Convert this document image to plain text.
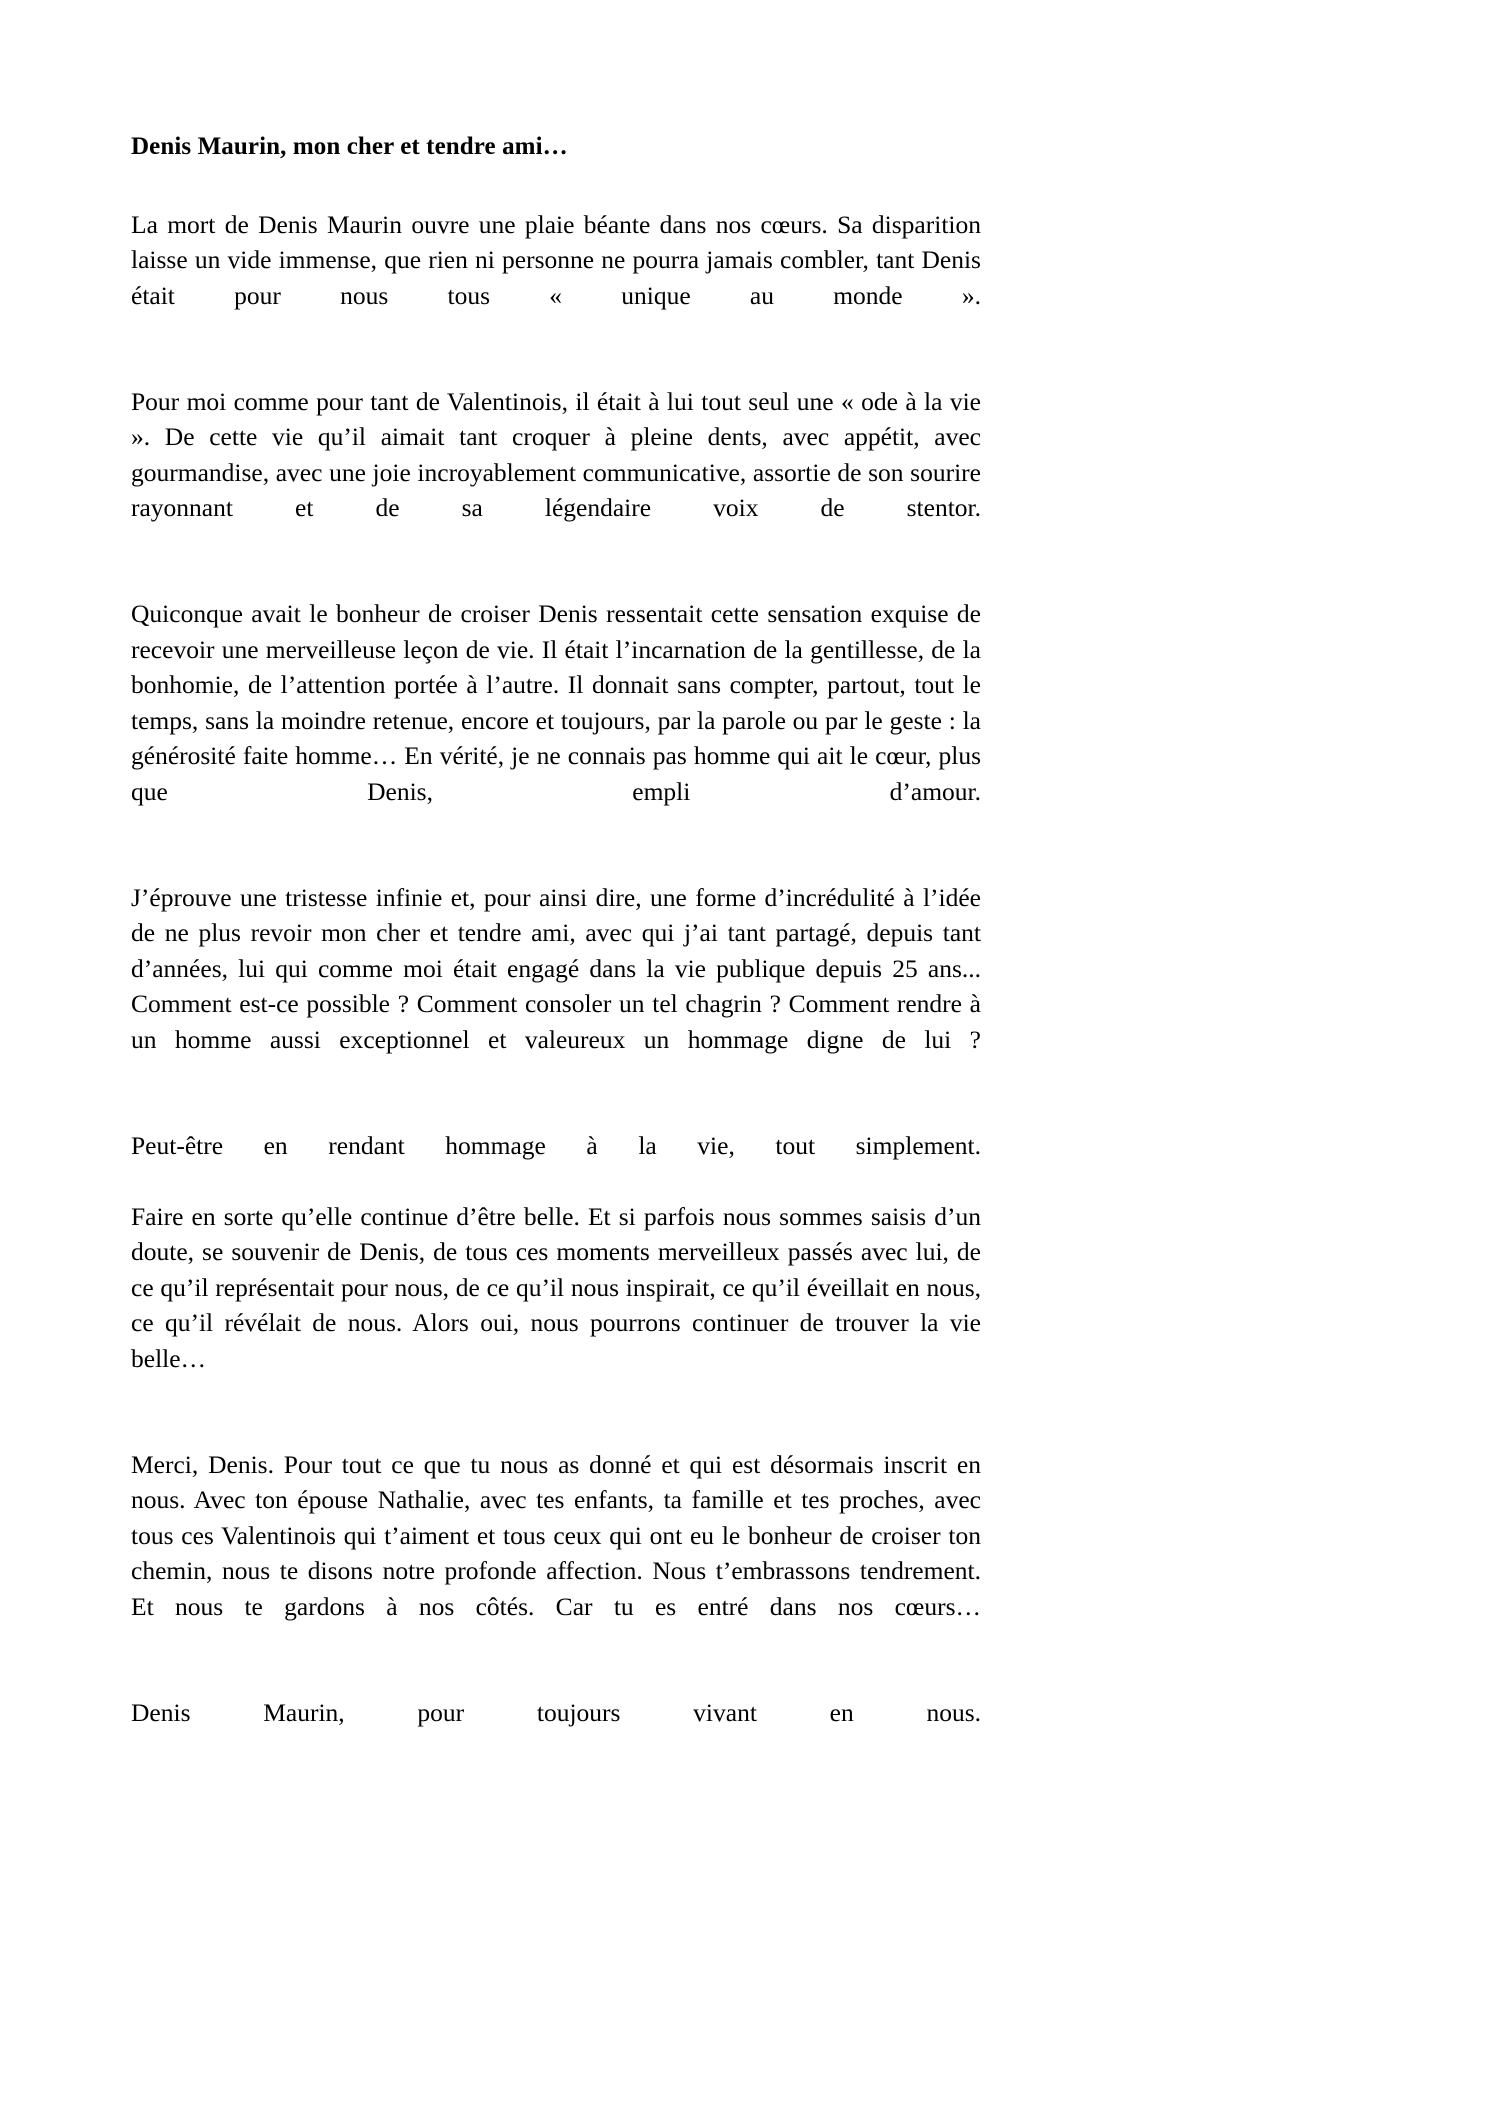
Denis Maurin, mon cher et tendre ami…

La mort de Denis Maurin ouvre une plaie béante dans nos cœurs. Sa disparition laisse un vide immense, que rien ni personne ne pourra jamais combler, tant Denis était pour nous tous « unique au monde ».

Pour moi comme pour tant de Valentinois, il était à lui tout seul une « ode à la vie ». De cette vie qu’il aimait tant croquer à pleine dents, avec appétit, avec gourmandise, avec une joie incroyablement communicative, assortie de son sourire rayonnant et de sa légendaire voix de stentor.

Quiconque avait le bonheur de croiser Denis ressentait cette sensation exquise de recevoir une merveilleuse leçon de vie. Il était l’incarnation de la gentillesse, de la bonhomie, de l’attention portée à l’autre. Il donnait sans compter, partout, tout le temps, sans la moindre retenue, encore et toujours, par la parole ou par le geste : la générosité faite homme… En vérité, je ne connais pas homme qui ait le cœur, plus que Denis, empli d’amour.

J’éprouve une tristesse infinie et, pour ainsi dire, une forme d’incrédulité à l’idée de ne plus revoir mon cher et tendre ami, avec qui j’ai tant partagé, depuis tant d’années, lui qui comme moi était engagé dans la vie publique depuis 25 ans... Comment est-ce possible ? Comment consoler un tel chagrin ? Comment rendre à un homme aussi exceptionnel et valeureux un hommage digne de lui ?

Peut-être en rendant hommage à la vie, tout simplement.

Faire en sorte qu’elle continue d’être belle. Et si parfois nous sommes saisis d’un doute, se souvenir de Denis, de tous ces moments merveilleux passés avec lui, de ce qu’il représentait pour nous, de ce qu’il nous inspirait, ce qu’il éveillait en nous, ce qu’il révélait de nous. Alors oui, nous pourrons continuer de trouver la vie belle…

Merci, Denis. Pour tout ce que tu nous as donné et qui est désormais inscrit en nous. Avec ton épouse Nathalie, avec tes enfants, ta famille et tes proches, avec tous ces Valentinois qui t’aiment et tous ceux qui ont eu le bonheur de croiser ton chemin, nous te disons notre profonde affection. Nous t’embrassons tendrement. Et nous te gardons à nos côtés. Car tu es entré dans nos cœurs…

Denis Maurin, pour toujours vivant en nous.
